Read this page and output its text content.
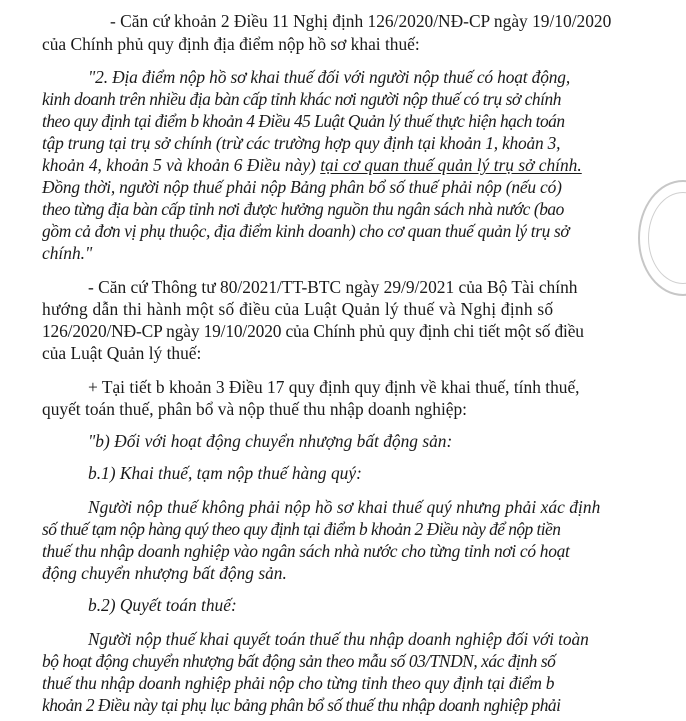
- Căn cứ khoản 2 Điều 11 Nghị định 126/2020/NĐ-CP ngày 19/10/2020
của Chính phủ quy định địa điểm nộp hồ sơ khai thuế:
"2. Địa điểm nộp hồ sơ khai thuế đối với người nộp thuế có hoạt động,
kinh doanh trên nhiều địa bàn cấp tỉnh khác nơi người nộp thuế có trụ sở chính
theo quy định tại điểm b khoản 4 Điều 45 Luật Quản lý thuế thực hiện hạch toán
tập trung tại trụ sở chính (trừ các trường hợp quy định tại khoản 1, khoản 3,
khoản 4, khoản 5 và khoản 6 Điều này) tại cơ quan thuế quản lý trụ sở chính.
Đồng thời, người nộp thuế phải nộp Bảng phân bổ số thuế phải nộp (nếu có)
theo từng địa bàn cấp tỉnh nơi được hưởng nguồn thu ngân sách nhà nước (bao
gồm cả đơn vị phụ thuộc, địa điểm kinh doanh) cho cơ quan thuế quản lý trụ sở
chính."
- Căn cứ Thông tư 80/2021/TT-BTC ngày 29/9/2021 của Bộ Tài chính
hướng dẫn thi hành một số điều của Luật Quản lý thuế và Nghị định số
126/2020/NĐ-CP ngày 19/10/2020 của Chính phủ quy định chi tiết một số điều
của Luật Quản lý thuế:
+ Tại tiết b khoản 3 Điều 17 quy định quy định về khai thuế, tính thuế,
quyết toán thuế, phân bổ và nộp thuế thu nhập doanh nghiệp:
"b) Đối với hoạt động chuyển nhượng bất động sản:
b.1) Khai thuế, tạm nộp thuế hàng quý:
Người nộp thuế không phải nộp hồ sơ khai thuế quý nhưng phải xác định
số thuế tạm nộp hàng quý theo quy định tại điểm b khoản 2 Điều này để nộp tiền
thuế thu nhập doanh nghiệp vào ngân sách nhà nước cho từng tỉnh nơi có hoạt
động chuyển nhượng bất động sản.
b.2) Quyết toán thuế:
Người nộp thuế khai quyết toán thuế thu nhập doanh nghiệp đối với toàn
bộ hoạt động chuyển nhượng bất động sản theo mẫu số 03/TNDN, xác định số
thuế thu nhập doanh nghiệp phải nộp cho từng tỉnh theo quy định tại điểm b
khoản 2 Điều này tại phụ lục bảng phân bổ số thuế thu nhập doanh nghiệp phải
